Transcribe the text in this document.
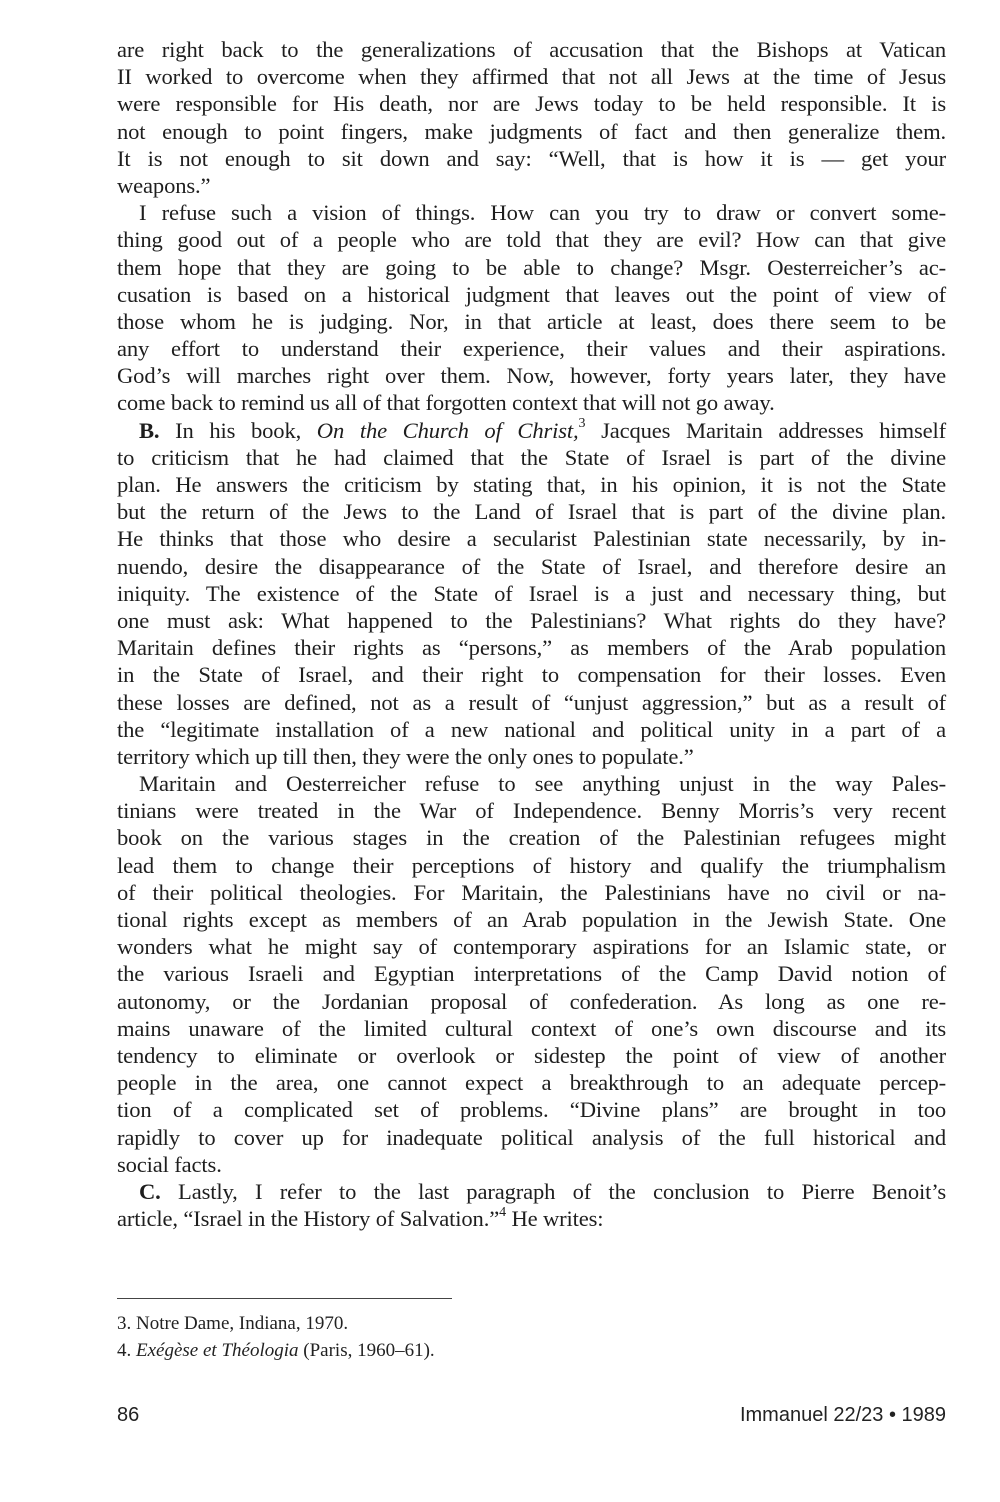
are right back to the generalizations of accusation that the Bishops at Vatican
II worked to overcome when they affirmed that not all Jews at the time of Jesus
were responsible for His death, nor are Jews today to be held responsible. It is
not enough to point fingers, make judgments of fact and then generalize them.
It is not enough to sit down and say: “Well, that is how it is — get your
weapons.”
I refuse such a vision of things. How can you try to draw or convert some-
thing good out of a people who are told that they are evil? How can that give
them hope that they are going to be able to change? Msgr. Oesterreicher’s ac-
cusation is based on a historical judgment that leaves out the point of view of
those whom he is judging. Nor, in that article at least, does there seem to be
any effort to understand their experience, their values and their aspirations.
God’s will marches right over them. Now, however, forty years later, they have
come back to remind us all of that forgotten context that will not go away.
B. In his book, On the Church of Christ,$^3$ Jacques Maritain addresses himself
to criticism that he had claimed that the State of Israel is part of the divine
plan. He answers the criticism by stating that, in his opinion, it is not the State
but the return of the Jews to the Land of Israel that is part of the divine plan.
He thinks that those who desire a secularist Palestinian state necessarily, by in-
nuendo, desire the disappearance of the State of Israel, and therefore desire an
iniquity. The existence of the State of Israel is a just and necessary thing, but
one must ask: What happened to the Palestinians? What rights do they have?
Maritain defines their rights as “persons,” as members of the Arab population
in the State of Israel, and their right to compensation for their losses. Even
these losses are defined, not as a result of “unjust aggression,” but as a result of
the “legitimate installation of a new national and political unity in a part of a
territory which up till then, they were the only ones to populate.”
Maritain and Oesterreicher refuse to see anything unjust in the way Pales-
tinians were treated in the War of Independence. Benny Morris’s very recent
book on the various stages in the creation of the Palestinian refugees might
lead them to change their perceptions of history and qualify the triumphalism
of their political theologies. For Maritain, the Palestinians have no civil or na-
tional rights except as members of an Arab population in the Jewish State. One
wonders what he might say of contemporary aspirations for an Islamic state, or
the various Israeli and Egyptian interpretations of the Camp David notion of
autonomy, or the Jordanian proposal of confederation. As long as one re-
mains unaware of the limited cultural context of one’s own discourse and its
tendency to eliminate or overlook or sidestep the point of view of another
people in the area, one cannot expect a breakthrough to an adequate percep-
tion of a complicated set of problems. “Divine plans” are brought in too
rapidly to cover up for inadequate political analysis of the full historical and
social facts.
C. Lastly, I refer to the last paragraph of the conclusion to Pierre Benoit’s
article, “Israel in the History of Salvation.”$^4$ He writes:
3. Notre Dame, Indiana, 1970.
4. Exégèse et Théologia (Paris, 1960–61).
86	Immanuel 22/23 • 1989
